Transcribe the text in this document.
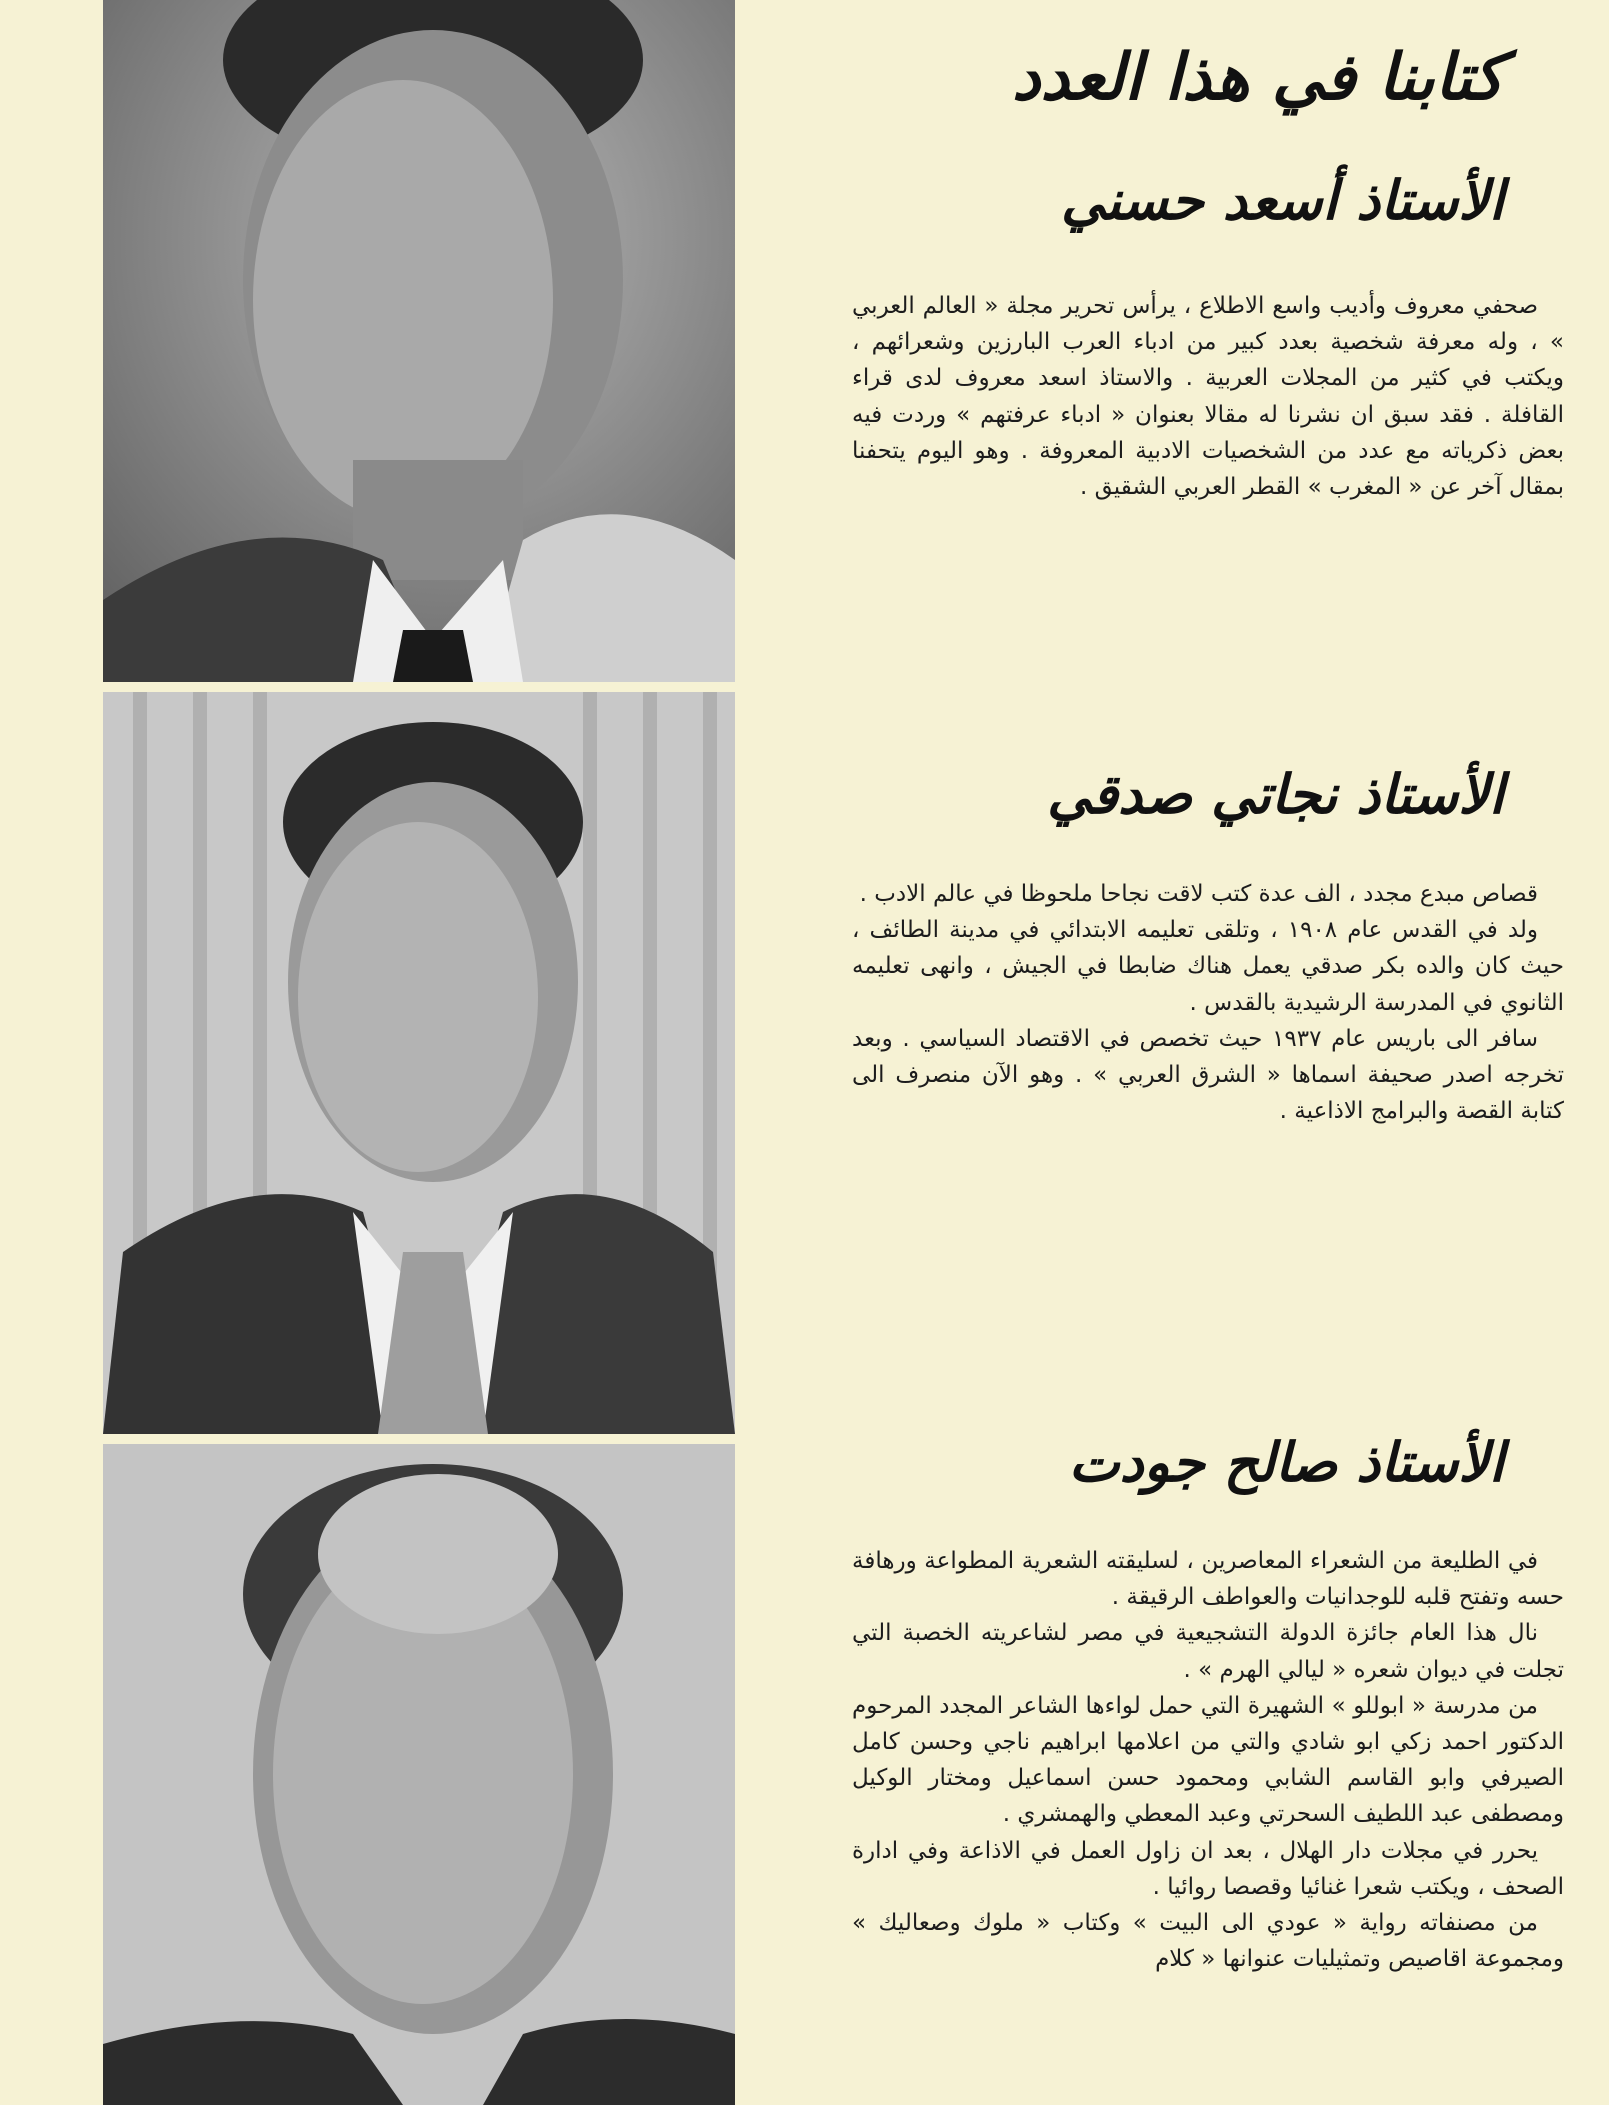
كتابنا في هذا العدد
الأستاذ أسعد حسني

صحفي معروف وأديب واسع الاطلاع ، يرأس تحرير مجلة « العالم العربي » ، وله معرفة شخصية بعدد كبير من ادباء العرب البارزين وشعرائهم ، ويكتب في كثير من المجلات العربية . والاستاذ اسعد معروف لدى قراء القافلة . فقد سبق ان نشرنا له مقالا بعنوان « ادباء عرفتهم » وردت فيه بعض ذكرياته مع عدد من الشخصيات الادبية المعروفة . وهو اليوم يتحفنا بمقال آخر عن « المغرب » القطر العربي الشقيق .

الأستاذ نجاتي صدقي

قصاص مبدع مجدد ، الف عدة كتب لاقت نجاحا ملحوظا في عالم الادب .

ولد في القدس عام ١٩٠٨ ، وتلقى تعليمه الابتدائي في مدينة الطائف ، حيث كان والده بكر صدقي يعمل هناك ضابطا في الجيش ، وانهى تعليمه الثانوي في المدرسة الرشيدية بالقدس .

سافر الى باريس عام ١٩٣٧ حيث تخصص في الاقتصاد السياسي . وبعد تخرجه اصدر صحيفة اسماها « الشرق العربي » . وهو الآن منصرف الى كتابة القصة والبرامج الاذاعية .

الأستاذ صالح جودت

في الطليعة من الشعراء المعاصرين ، لسليقته الشعرية المطواعة ورهافة حسه وتفتح قلبه للوجدانيات والعواطف الرقيقة .

نال هذا العام جائزة الدولة التشجيعية في مصر لشاعريته الخصبة التي تجلت في ديوان شعره « ليالي الهرم » .

من مدرسة « ابوللو » الشهيرة التي حمل لواءها الشاعر المجدد المرحوم الدكتور احمد زكي ابو شادي والتي من اعلامها ابراهيم ناجي وحسن كامل الصيرفي وابو القاسم الشابي ومحمود حسن اسماعيل ومختار الوكيل ومصطفى عبد اللطيف السحرتي وعبد المعطي والهمشري .

يحرر في مجلات دار الهلال ، بعد ان زاول العمل في الاذاعة وفي ادارة الصحف ، ويكتب شعرا غنائيا وقصصا روائيا .

من مصنفاته رواية « عودي الى البيت » وكتاب « ملوك وصعاليك » ومجموعة اقاصيص وتمثيليات عنوانها « كلام
